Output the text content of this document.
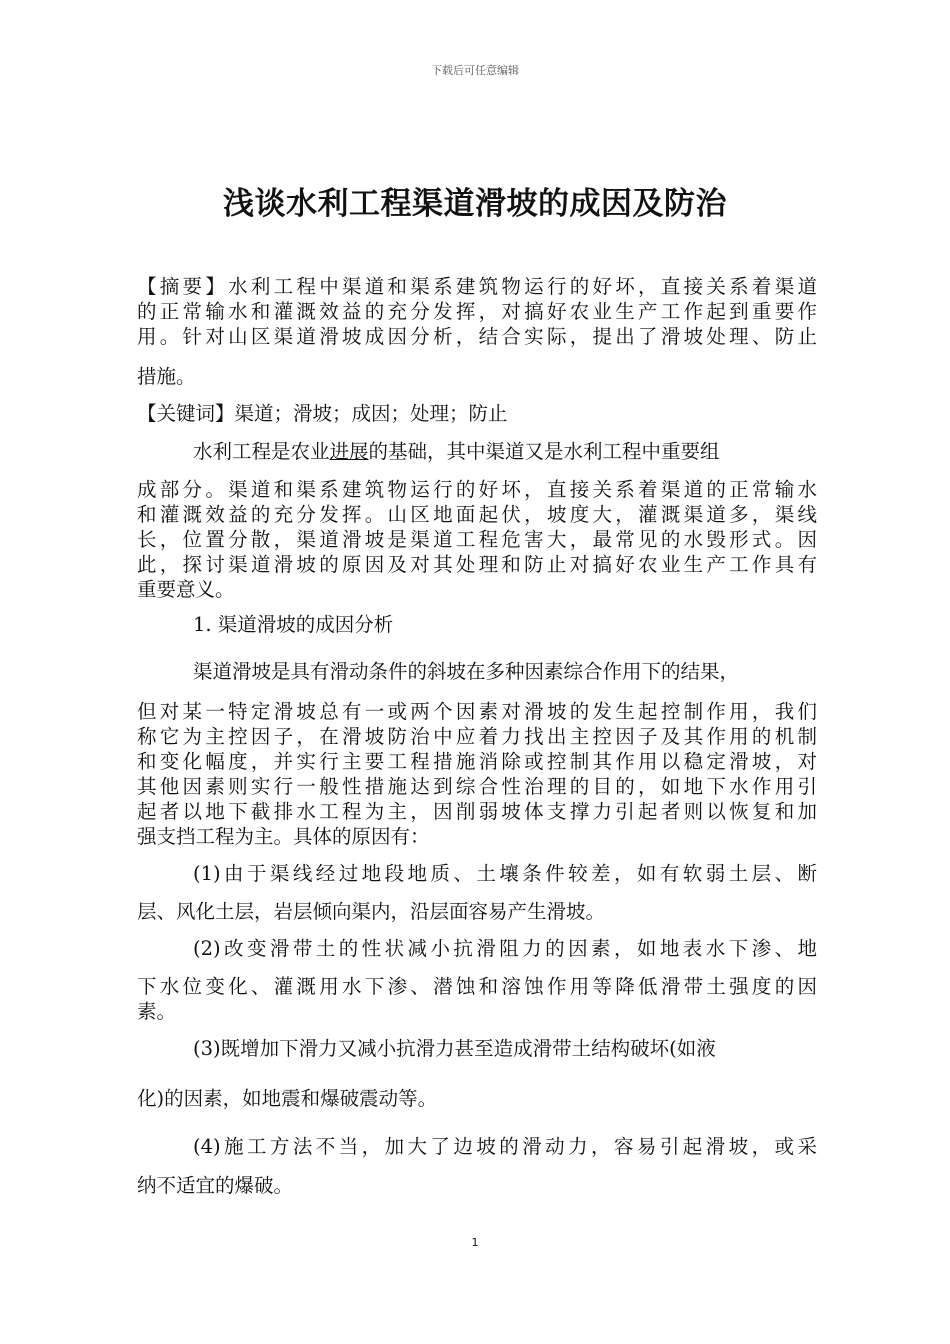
下载后可任意编辑
浅谈水利工程渠道滑坡的成因及防治
【摘要】水利工程中渠道和渠系建筑物运行的好坏，直接关系着渠道
的正常输水和灌溉效益的充分发挥，对搞好农业生产工作起到重要作
用。针对山区渠道滑坡成因分析，结合实际，提出了滑坡处理、防止
措施。
【关键词】渠道；滑坡；成因；处理；防止
水利工程是农业进展的基础，其中渠道又是水利工程中重要组
成部分。渠道和渠系建筑物运行的好坏，直接关系着渠道的正常输水
和灌溉效益的充分发挥。山区地面起伏，坡度大，灌溉渠道多，渠线
长，位置分散，渠道滑坡是渠道工程危害大，最常见的水毁形式。因
此，探讨渠道滑坡的原因及对其处理和防止对搞好农业生产工作具有
重要意义。
1. 渠道滑坡的成因分析
渠道滑坡是具有滑动条件的斜坡在多种因素综合作用下的结果，
但对某一特定滑坡总有一或两个因素对滑坡的发生起控制作用，我们
称它为主控因子，在滑坡防治中应着力找出主控因子及其作用的机制
和变化幅度，并实行主要工程措施消除或控制其作用以稳定滑坡，对
其他因素则实行一般性措施达到综合性治理的目的，如地下水作用引
起者以地下截排水工程为主，因削弱坡体支撑力引起者则以恢复和加
强支挡工程为主。具体的原因有：
(1)由于渠线经过地段地质、土壤条件较差，如有软弱土层、断
层、风化土层，岩层倾向渠内，沿层面容易产生滑坡。
(2)改变滑带土的性状减小抗滑阻力的因素，如地表水下渗、地
下水位变化、灌溉用水下渗、潜蚀和溶蚀作用等降低滑带土强度的因
素。
(3)既增加下滑力又减小抗滑力甚至造成滑带土结构破坏(如液
化)的因素，如地震和爆破震动等。
(4)施工方法不当，加大了边坡的滑动力，容易引起滑坡，或采
纳不适宜的爆破。
1
